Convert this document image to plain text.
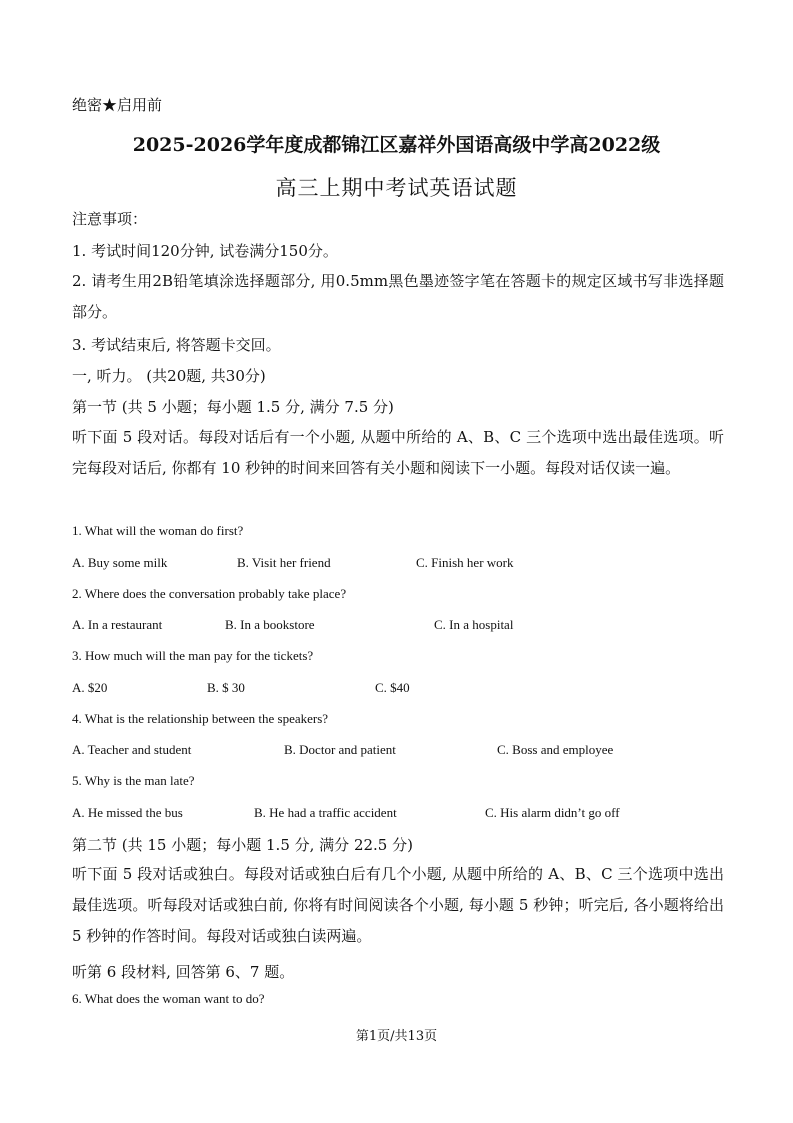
绝密★启用前
2025-2026学年度成都锦江区嘉祥外国语高级中学高2022级
高三上期中考试英语试题
注意事项：
1. 考试时间120分钟, 试卷满分150分。
2. 请考生用2B铅笔填涂选择题部分, 用0.5mm黑色墨迹签字笔在答题卡的规定区域书写非选择题部分。
3. 考试结束后, 将答题卡交回。
一, 听力。 (共20题, 共30分)
第一节 (共 5 小题；每小题 1.5 分, 满分 7.5 分)
听下面 5 段对话。每段对话后有一个小题, 从题中所给的 A、B、C 三个选项中选出最佳选项。听完每段对话后, 你都有 10 秒钟的时间来回答有关小题和阅读下一小题。每段对话仅读一遍。
1. What will the woman do first?
A. Buy some milk	B. Visit her friend	C. Finish her work
2. Where does the conversation probably take place?
A. In a restaurant	B. In a bookstore	C. In a hospital
3. How much will the man pay for the tickets?
A. $20	B. $ 30	C. $40
4. What is the relationship between the speakers?
A. Teacher and student	B. Doctor and patient	C. Boss and employee
5. Why is the man late?
A. He missed the bus	B. He had a traffic accident	C. His alarm didn’t go off
第二节 (共 15 小题；每小题 1.5 分, 满分 22.5 分)
听下面 5 段对话或独白。每段对话或独白后有几个小题, 从题中所给的 A、B、C 三个选项中选出最佳选项。听每段对话或独白前, 你将有时间阅读各个小题, 每小题 5 秒钟；听完后, 各小题将给出 5 秒钟的作答时间。每段对话或独白读两遍。
听第 6 段材料, 回答第 6、7 题。
6. What does the woman want to do?
第1页/共13页
